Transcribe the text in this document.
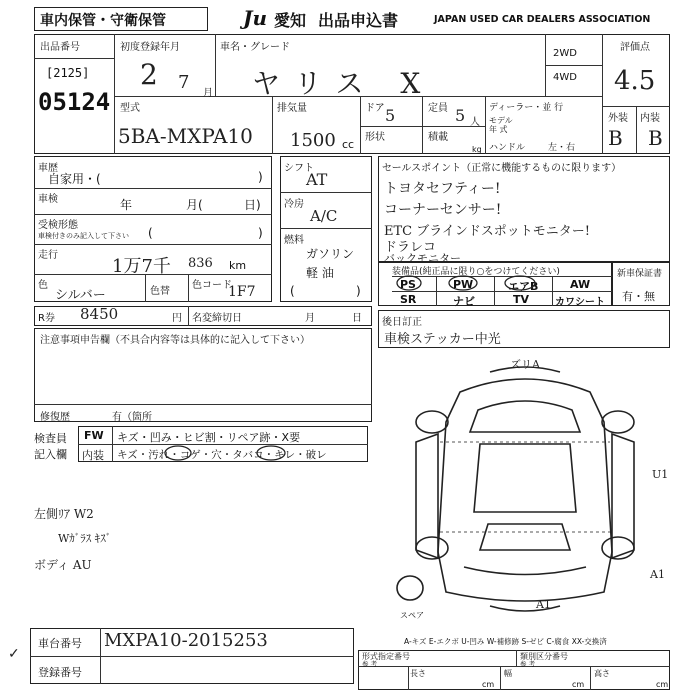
車内保管・守衛保管	Ju 愛知 出品申込書	JAPAN USED CAR DEALERS ASSOCIATION
出品番号
[2125]
05124
初度登録年月
2 7
月
車名・グレード
ヤリス X
2WD
4WD
評価点
4.5
外装 内装
B B
型式
5BA-MXPA10
排気量
1500 cc
ドア 5	定員 5 人
形状	積載
kg
ディーラー・並 行
モデル
年 式
ハンドル	左・右
車歴
自家用・(	)
車検	年	月(	日)
受検形態
車検付きのみ記入して下さい (	)
走行
1万7千 836 km
色
シルバー	色替
色コード
1F7
シフト
AT
冷房
A/C
燃料
ガソリン
軽 油
(	)
セールスポイント（正常に機能するものに限ります）
トヨタセフティー!
コーナーセンサー!
ETC ブラインドスポットモニター!
ドラレコ
バックモニター
装備品(純正品に限り○をつけてください)
PS	PW	エアB	AW
SR	ナビ	TV	カワシート
新車保証書
有・無
R券 8450	円 名変締切日	月	日
注意事項申告欄（不具合内容等は具体的に記入して下さい）
修復歴	有（箇所
後日訂正
車検ステッカー中光
検査員
記入欄
FW キズ・凹み・ヒビ割・リペア跡・X要
内装 キズ・汚れ・コゲ・穴・タバコ・キレ・破レ
左側ﾘｱ W2
Wｶﾞﾗｽ ｷｽﾞ
ボディ AU
ズリA
U1
A1
A1
スペア
A-キズ E-エクボ U-凹み W-補修跡 S-ゼビ C-腐食 XX-交換済
車台番号 MXPA10-2015253
登録番号
形式指定番号
参 考
類別区分番号
参 考
長さ
cm
幅
cm
高さ
cm
✓
